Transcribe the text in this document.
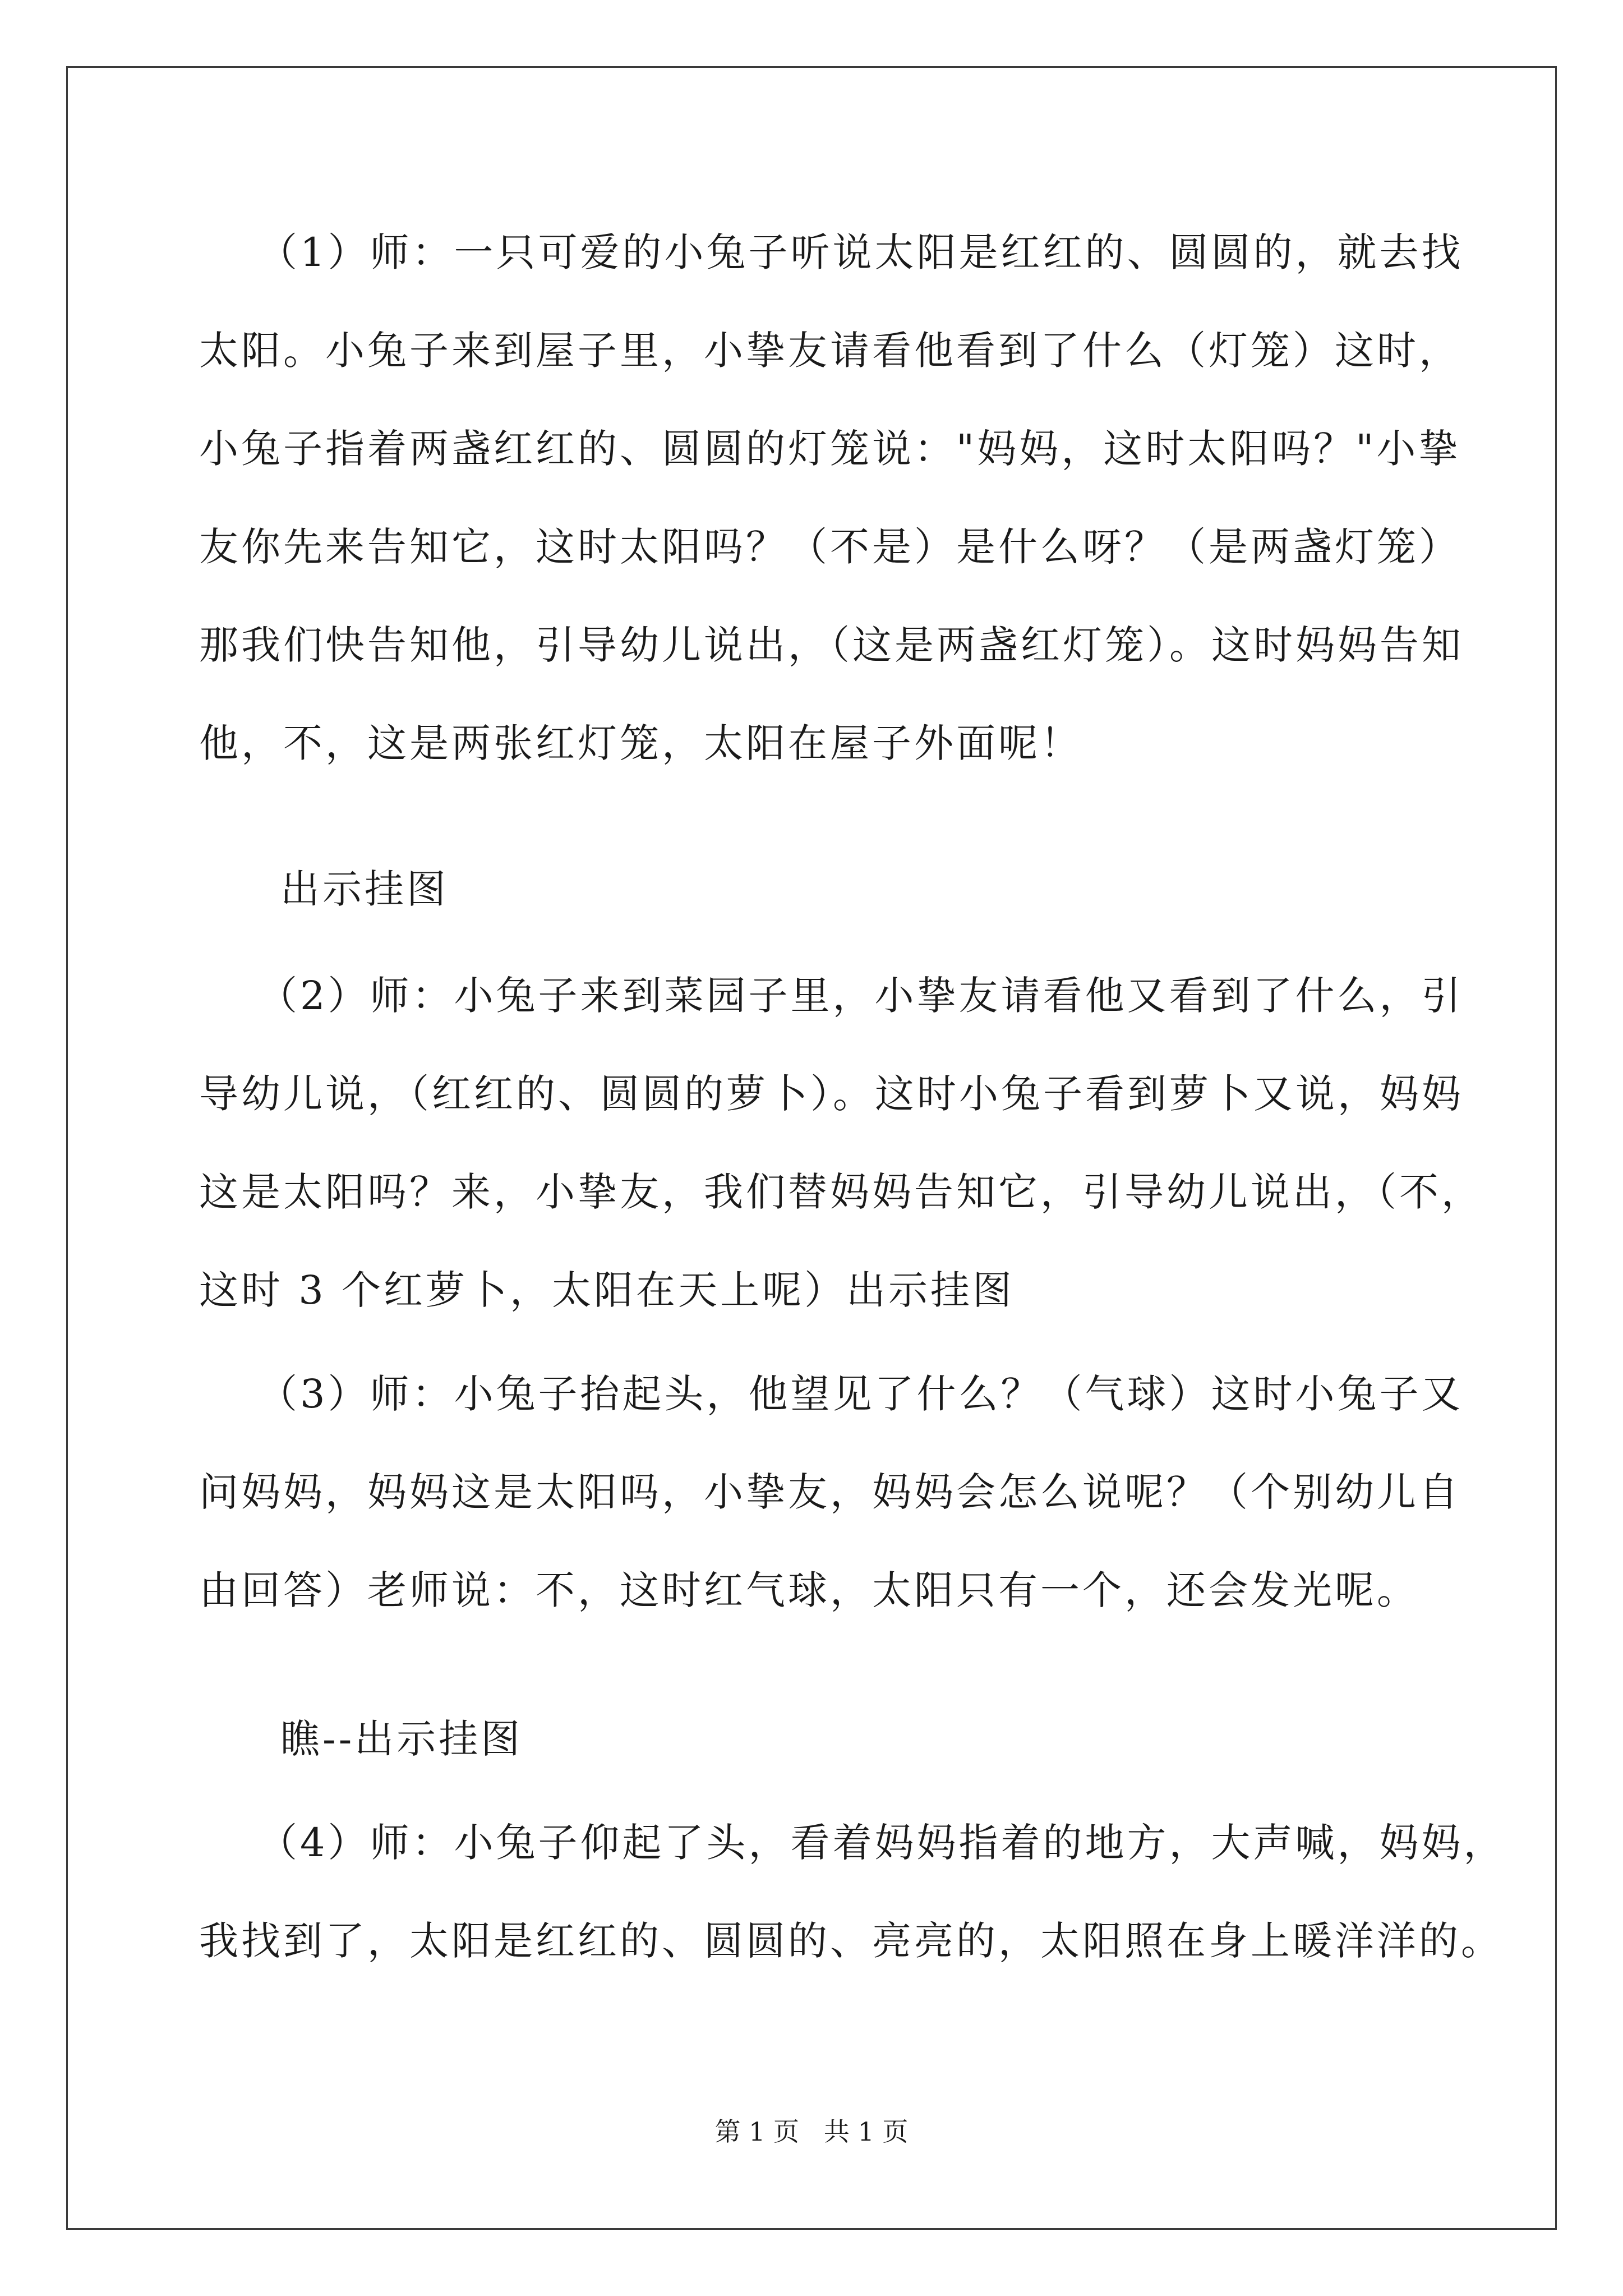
（1）师：一只可爱的小兔子听说太阳是红红的、圆圆的，就去找
太阳。小兔子来到屋子里，小挚友请看他看到了什么（灯笼）这时，
小兔子指着两盏红红的、圆圆的灯笼说："妈妈，这时太阳吗？"小挚
友你先来告知它，这时太阳吗？（不是）是什么呀？（是两盏灯笼）
那我们快告知他，引导幼儿说出，（这是两盏红灯笼）。这时妈妈告知
他，不，这是两张红灯笼，太阳在屋子外面呢！
出示挂图
（2）师：小兔子来到菜园子里，小挚友请看他又看到了什么，引
导幼儿说，（红红的、圆圆的萝卜）。这时小兔子看到萝卜又说，妈妈
这是太阳吗？来，小挚友，我们替妈妈告知它，引导幼儿说出，（不，
这时 3 个红萝卜，太阳在天上呢）出示挂图
（3）师：小兔子抬起头，他望见了什么？（气球）这时小兔子又
问妈妈，妈妈这是太阳吗，小挚友，妈妈会怎么说呢？（个别幼儿自
由回答）老师说：不，这时红气球，太阳只有一个，还会发光呢。
瞧--出示挂图
（4）师：小兔子仰起了头，看着妈妈指着的地方，大声喊，妈妈，
我找到了，太阳是红红的、圆圆的、亮亮的，太阳照在身上暖洋洋的。
第 1 页   共 1 页
